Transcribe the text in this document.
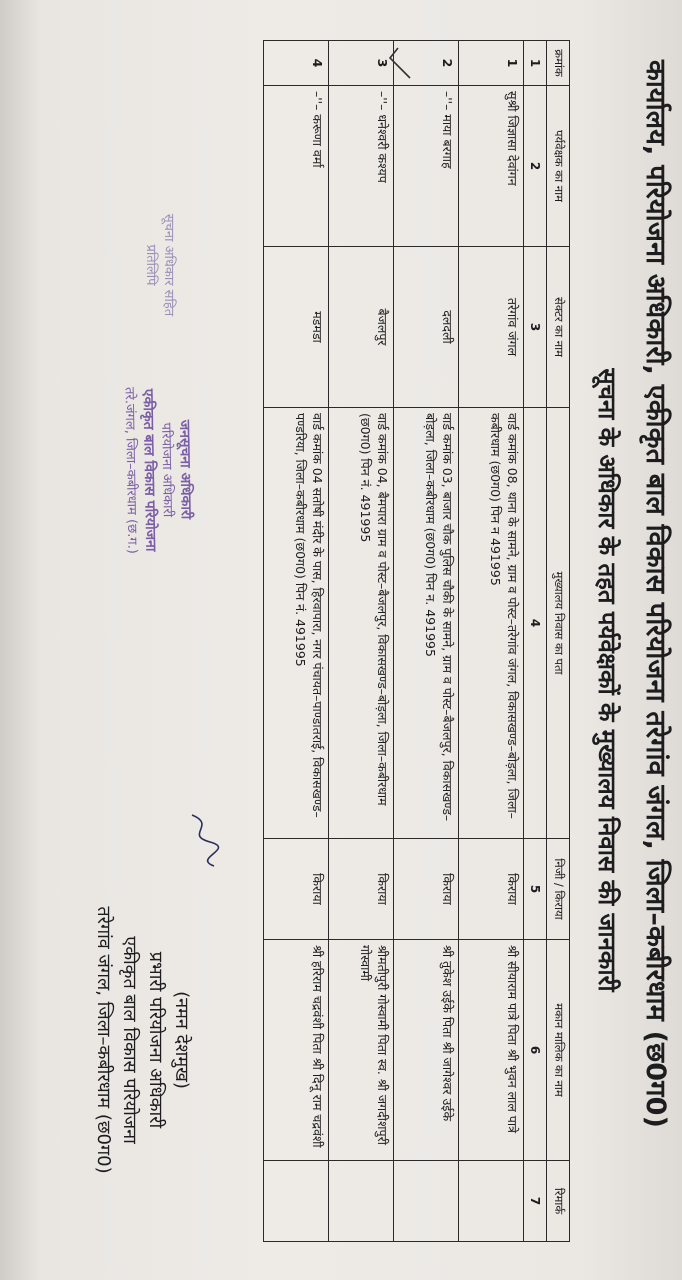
कार्यालय, परियोजना अधिकारी, एकीकृत बाल विकास परियोजना तरेगांव जंगल, जिला–कबीरधाम (छ0ग0)
सूचना के अधिकार के तहत पर्यवेक्षकों के मुख्यालय निवास की जानकारी
क्रमांक	पर्यवेक्षक का नाम	सेक्टर का नाम	मुख्यालय निवास का पता	निजी / किराया	मकान मालिक का नाम	रिमार्क
1	2	3	4	5	6	7
1	सुश्री जिज्ञासा देवांगन	तरेगांव जंगल	वार्ड कमांक 08, थाना के सामने, ग्राम व पोस्ट–तरेगांव जंगल, विकासखण्ड–बोड़ला, जिला–कबीरधाम (छ0ग0) पिन न 491995	किराया	श्री सीयाराम पात्रे पिता श्री भुवन लाल पात्रे	
2	–''– माया बरगाह	दलदली	वार्ड कमांक 03, बाजार चौक पुलिस चौकी के सामने, ग्राम व पोस्ट–बैजलपुर, विकासखण्ड–बोड़ला, जिला–कबीरधाम (छ0ग0) पिन न. 491995	किराया	श्री तुकेश उईके पिता श्री जागेश्वर उईके	
3	–''– धनेश्वरी कश्यप	बैजलपुर	वार्ड कमांक 04, बैमपारा ग्राम व पोस्ट–बैजलपुर, विकासखण्ड–बोड़ला, जिला–कबीरधाम (छ0ग0) पिन नं. 491995	किराया	श्रीमतीपुरी गोस्वामी पिता स्व. श्री जगदीशपुरी गोस्वामी	
4	–''– करूणा वर्मा	मडमडा	वार्ड कमांक 04 सतोषी मंदीर के पास, हिरवापारा, नगर पंचायत–पाण्डातराई, विकासखण्ड–पण्डरिया, जिला–कबीरधाम (छ0ग0) पिन नं. 491995	किराया	श्री हरिराम चद्रवंशी पिता श्री दिनू राम चद्रवंशी	
सूचना अधिकार सहित
प्रतिलिपि
जनसूचना अधिकारी
परियोजना अधिकारी
एकीकृत बाल विकास परियोजना
तरे.जंगल, जिला–कबीरधाम (छ.ग.)
(नमन देशमुख)
प्रभारी परियोजना अधिकारी
एकीकृत बाल विकास परियोजना
तरेगांव जंगल, जिला–कबीरधाम (छ0ग0)
